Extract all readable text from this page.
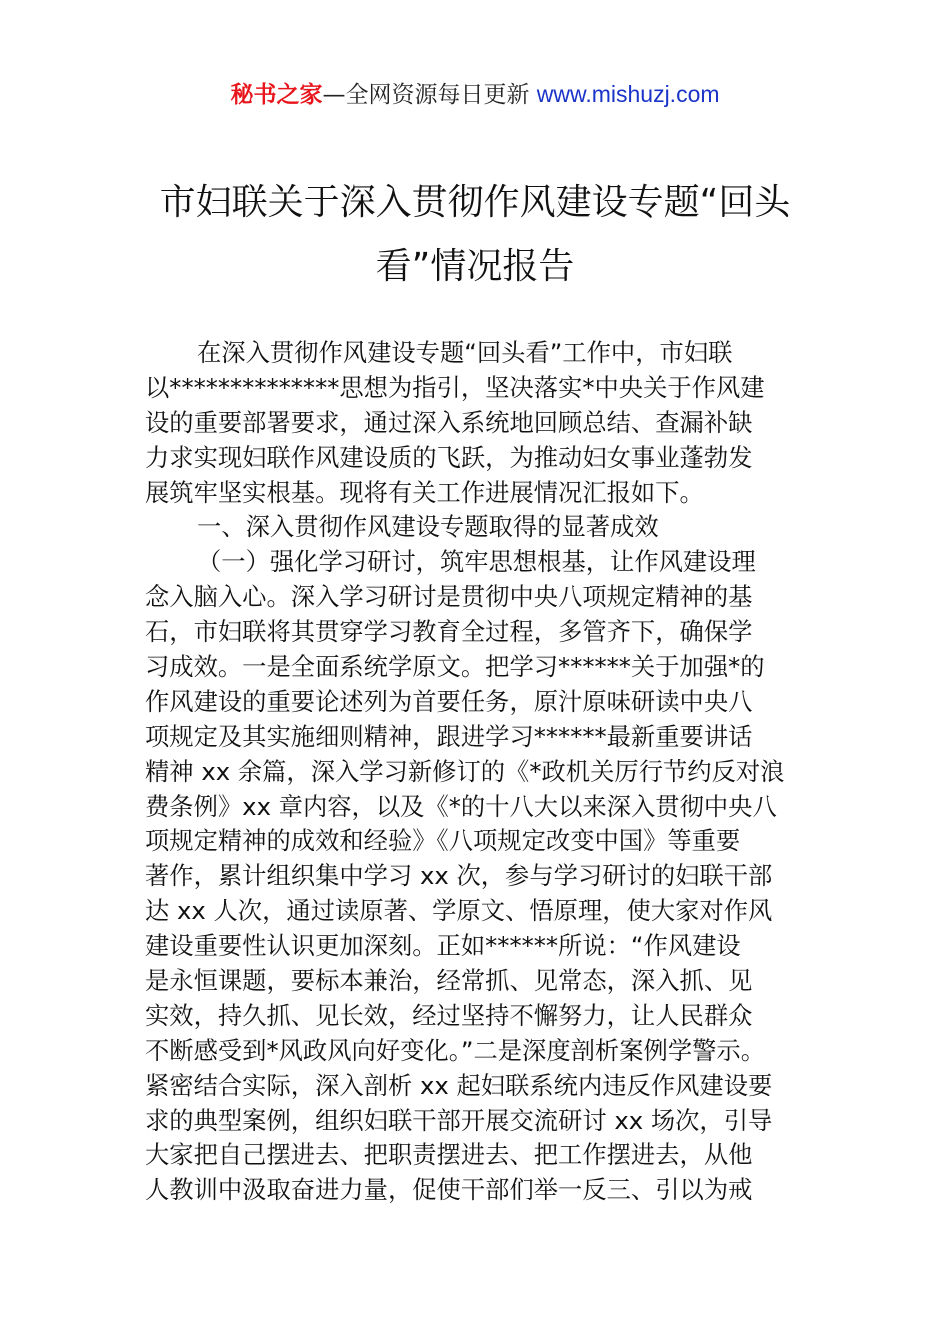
秘书之家—全网资源每日更新 www.mishuzj.com
市妇联关于深入贯彻作风建设专题“回头
看”情况报告
在深入贯彻作风建设专题“回头看”工作中，市妇联
以**************思想为指引，坚决落实*中央关于作风建
设的重要部署要求，通过深入系统地回顾总结、查漏补缺
力求实现妇联作风建设质的飞跃，为推动妇女事业蓬勃发
展筑牢坚实根基。现将有关工作进展情况汇报如下。
一、深入贯彻作风建设专题取得的显著成效
（一）强化学习研讨，筑牢思想根基，让作风建设理
念入脑入心。深入学习研讨是贯彻中央八项规定精神的基
石，市妇联将其贯穿学习教育全过程，多管齐下，确保学
习成效。一是全面系统学原文。把学习******关于加强*的
作风建设的重要论述列为首要任务，原汁原味研读中央八
项规定及其实施细则精神，跟进学习******最新重要讲话
精神 xx 余篇，深入学习新修订的《*政机关厉行节约反对浪
费条例》xx 章内容，以及《*的十八大以来深入贯彻中央八
项规定精神的成效和经验》《八项规定改变中国》等重要
著作，累计组织集中学习 xx 次，参与学习研讨的妇联干部
达 xx 人次，通过读原著、学原文、悟原理，使大家对作风
建设重要性认识更加深刻。正如******所说：“作风建设
是永恒课题，要标本兼治，经常抓、见常态，深入抓、见
实效，持久抓、见长效，经过坚持不懈努力，让人民群众
不断感受到*风政风向好变化。”二是深度剖析案例学警示。
紧密结合实际，深入剖析 xx 起妇联系统内违反作风建设要
求的典型案例，组织妇联干部开展交流研讨 xx 场次，引导
大家把自己摆进去、把职责摆进去、把工作摆进去，从他
人教训中汲取奋进力量，促使干部们举一反三、引以为戒
